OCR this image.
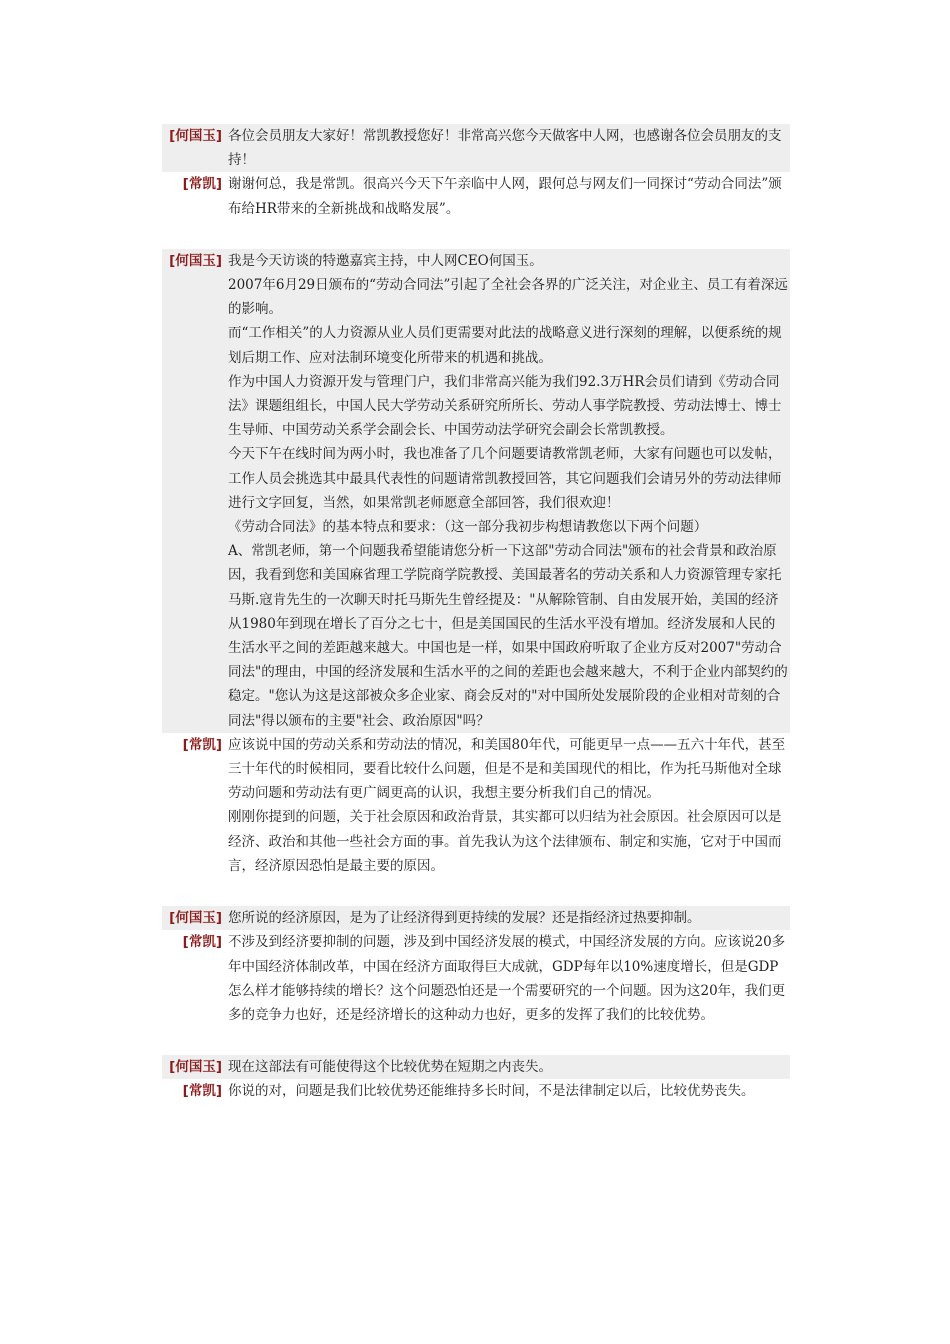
[何国玉] 各位会员朋友大家好！常凯教授您好！非常高兴您今天做客中人网，也感谢各位会员朋友的支持！

[常凯] 谢谢何总，我是常凯。很高兴今天下午亲临中人网，跟何总与网友们一同探讨“劳动合同法”颁布给HR带来的全新挑战和战略发展”。

[何国玉] 我是今天访谈的特邀嘉宾主持，中人网CEO何国玉。

2007年6月29日颁布的“劳动合同法”引起了全社会各界的广泛关注，对企业主、员工有着深远的影响。

而“工作相关”的人力资源从业人员们更需要对此法的战略意义进行深刻的理解，以便系统的规划后期工作、应对法制环境变化所带来的机遇和挑战。

作为中国人力资源开发与管理门户，我们非常高兴能为我们92.3万HR会员们请到《劳动合同法》课题组组长，中国人民大学劳动关系研究所所长、劳动人事学院教授、劳动法博士、博士生导师、中国劳动关系学会副会长、中国劳动法学研究会副会长常凯教授。

今天下午在线时间为两小时，我也准备了几个问题要请教常凯老师，大家有问题也可以发帖，工作人员会挑选其中最具代表性的问题请常凯教授回答，其它问题我们会请另外的劳动法律师进行文字回复，当然，如果常凯老师愿意全部回答，我们很欢迎！

《劳动合同法》的基本特点和要求：（这一部分我初步构想请教您以下两个问题）

A、常凯老师，第一个问题我希望能请您分析一下这部"劳动合同法"颁布的社会背景和政治原因，我看到您和美国麻省理工学院商学院教授、美国最著名的劳动关系和人力资源管理专家托马斯.寇肯先生的一次聊天时托马斯先生曾经提及："从解除管制、自由发展开始，美国的经济从1980年到现在增长了百分之七十，但是美国国民的生活水平没有增加。经济发展和人民的生活水平之间的差距越来越大。中国也是一样，如果中国政府听取了企业方反对2007"劳动合同法"的理由，中国的经济发展和生活水平的之间的差距也会越来越大，不利于企业内部契约的稳定。"您认为这是这部被众多企业家、商会反对的"对中国所处发展阶段的企业相对苛刻的合同法"得以颁布的主要"社会、政治原因"吗？

[常凯] 应该说中国的劳动关系和劳动法的情况，和美国80年代，可能更早一点——五六十年代，甚至三十年代的时候相同，要看比较什么问题，但是不是和美国现代的相比，作为托马斯他对全球劳动问题和劳动法有更广阔更高的认识，我想主要分析我们自己的情况。

刚刚你提到的问题，关于社会原因和政治背景，其实都可以归结为社会原因。社会原因可以是经济、政治和其他一些社会方面的事。首先我认为这个法律颁布、制定和实施，它对于中国而言，经济原因恐怕是最主要的原因。

[何国玉] 您所说的经济原因，是为了让经济得到更持续的发展？还是指经济过热要抑制。

[常凯] 不涉及到经济要抑制的问题，涉及到中国经济发展的模式，中国经济发展的方向。应该说20多年中国经济体制改革，中国在经济方面取得巨大成就，GDP每年以10%速度增长，但是GDP怎么样才能够持续的增长？这个问题恐怕还是一个需要研究的一个问题。因为这20年，我们更多的竞争力也好，还是经济增长的这种动力也好，更多的发挥了我们的比较优势。

[何国玉] 现在这部法有可能使得这个比较优势在短期之内丧失。

[常凯] 你说的对，问题是我们比较优势还能维持多长时间，不是法律制定以后，比较优势丧失。
